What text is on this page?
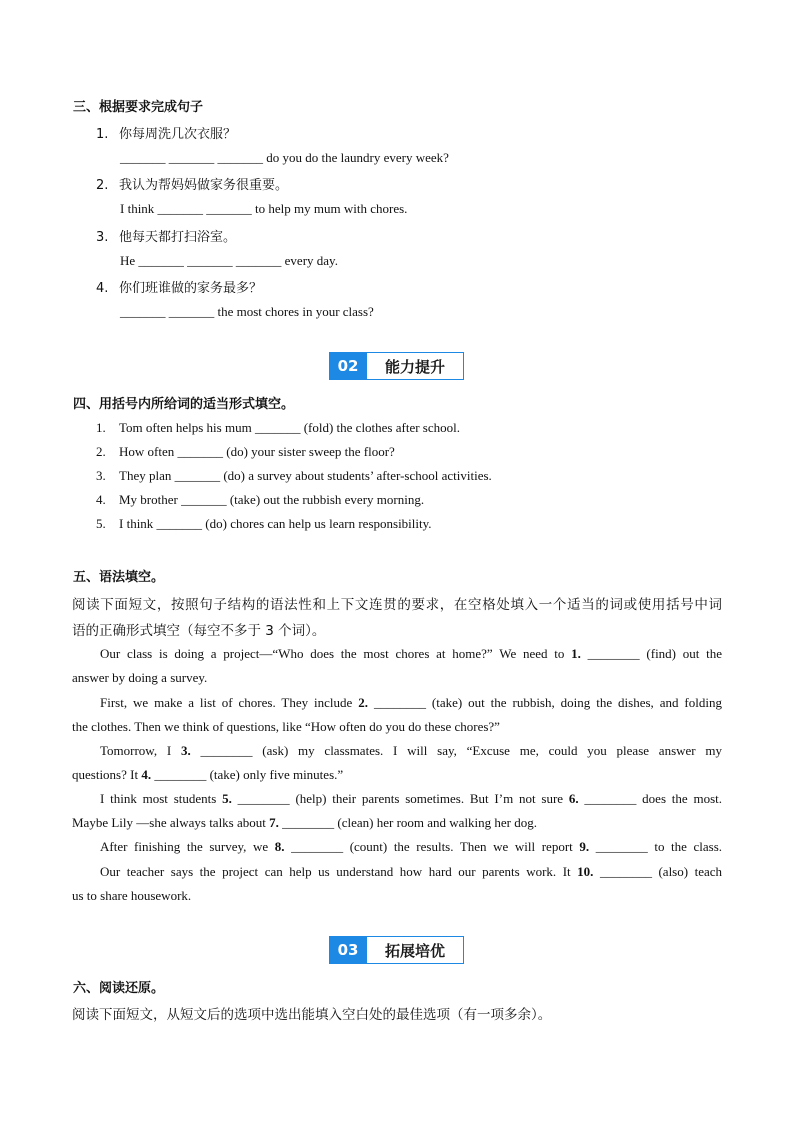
三、根据要求完成句子
1. 你每周洗几次衣服？
_______ _______ _______ do you do the laundry every week?
2. 我认为帮妈妈做家务很重要。
I think _______ _______ to help my mum with chores.
3. 他每天都打扫浴室。
He _______ _______ _______ every day.
4. 你们班谁做的家务最多？
_______ _______ the most chores in your class?
02	能力提升
四、用括号内所给词的适当形式填空。
1. Tom often helps his mum _______ (fold) the clothes after school.
2. How often _______ (do) your sister sweep the floor?
3. They plan _______ (do) a survey about students’ after-school activities.
4. My brother _______ (take) out the rubbish every morning.
5. I think _______ (do) chores can help us learn responsibility.
五、语法填空。
阅读下面短文，按照句子结构的语法性和上下文连贯的要求，在空格处填入一个适当的词或使用括号中词
语的正确形式填空（每空不多于 3 个词）。
Our class is doing a project—“Who does the most chores at home?” We need to 1. ________ (find) out the
answer by doing a survey.
First, we make a list of chores. They include 2. ________ (take) out the rubbish, doing the dishes, and folding
the clothes. Then we think of questions, like “How often do you do these chores?”
Tomorrow, I 3. ________ (ask) my classmates. I will say, “Excuse me, could you please answer my
questions? It 4. ________ (take) only five minutes.”
I think most students 5. ________ (help) their parents sometimes. But I’m not sure 6. ________ does the most.
Maybe Lily —she always talks about 7. ________ (clean) her room and walking her dog.
After finishing the survey, we 8. ________ (count) the results. Then we will report 9. ________ to the class.
Our teacher says the project can help us understand how hard our parents work. It 10. ________ (also) teach
us to share housework.
03	拓展培优
六、阅读还原。
阅读下面短文，从短文后的选项中选出能填入空白处的最佳选项（有一项多余）。
